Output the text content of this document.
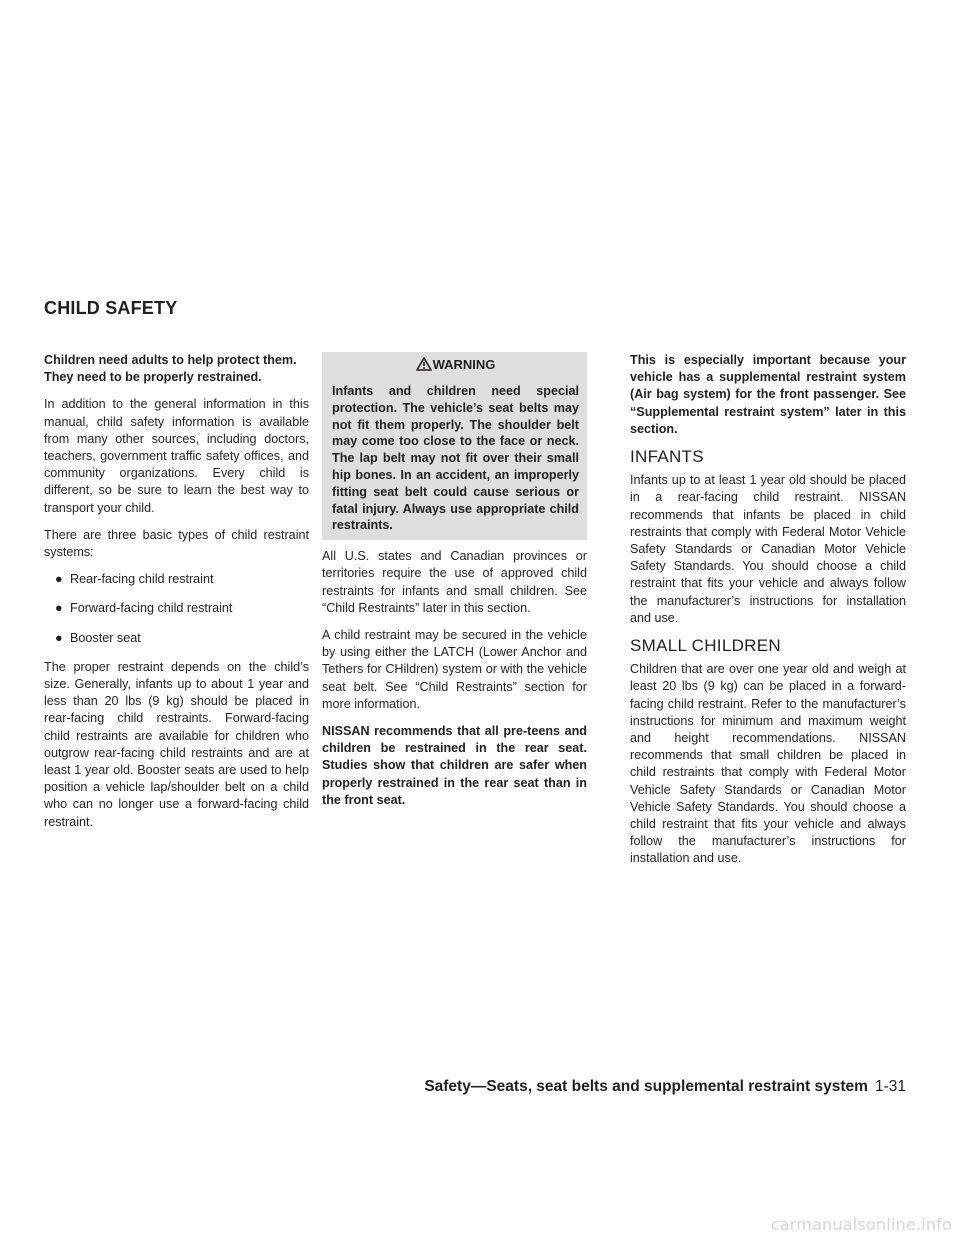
CHILD SAFETY

Children need adults to help protect them. They need to be properly restrained.

In addition to the general information in this manual, child safety information is available from many other sources, including doctors, teachers, government traffic safety offices, and community organizations. Every child is different, so be sure to learn the best way to transport your child.

There are three basic types of child restraint systems:

● Rear-facing child restraint
● Forward-facing child restraint
● Booster seat

The proper restraint depends on the child’s size. Generally, infants up to about 1 year and less than 20 lbs (9 kg) should be placed in rear-facing child restraints. Forward-facing child restraints are available for children who outgrow rear-facing child restraints and are at least 1 year old. Booster seats are used to help position a vehicle lap/shoulder belt on a child who can no longer use a forward-facing child restraint.

WARNING

Infants and children need special protection. The vehicle’s seat belts may not fit them properly. The shoulder belt may come too close to the face or neck. The lap belt may not fit over their small hip bones. In an accident, an improperly fitting seat belt could cause serious or fatal injury. Always use appropriate child restraints.

All U.S. states and Canadian provinces or territories require the use of approved child restraints for infants and small children. See “Child Restraints” later in this section.

A child restraint may be secured in the vehicle by using either the LATCH (Lower Anchor and Tethers for CHildren) system or with the vehicle seat belt. See “Child Restraints” section for more information.

NISSAN recommends that all pre-teens and children be restrained in the rear seat. Studies show that children are safer when properly restrained in the rear seat than in the front seat.

This is especially important because your vehicle has a supplemental restraint system (Air bag system) for the front passenger. See “Supplemental restraint system” later in this section.

INFANTS

Infants up to at least 1 year old should be placed in a rear-facing child restraint. NISSAN recommends that infants be placed in child restraints that comply with Federal Motor Vehicle Safety Standards or Canadian Motor Vehicle Safety Standards. You should choose a child restraint that fits your vehicle and always follow the manufacturer’s instructions for installation and use.

SMALL CHILDREN

Children that are over one year old and weigh at least 20 lbs (9 kg) can be placed in a forward-facing child restraint. Refer to the manufacturer’s instructions for minimum and maximum weight and height recommendations. NISSAN recommends that small children be placed in child restraints that comply with Federal Motor Vehicle Safety Standards or Canadian Motor Vehicle Safety Standards. You should choose a child restraint that fits your vehicle and always follow the manufacturer’s instructions for installation and use.

Safety—Seats, seat belts and supplemental restraint system 1-31
carmanualsonline.info
